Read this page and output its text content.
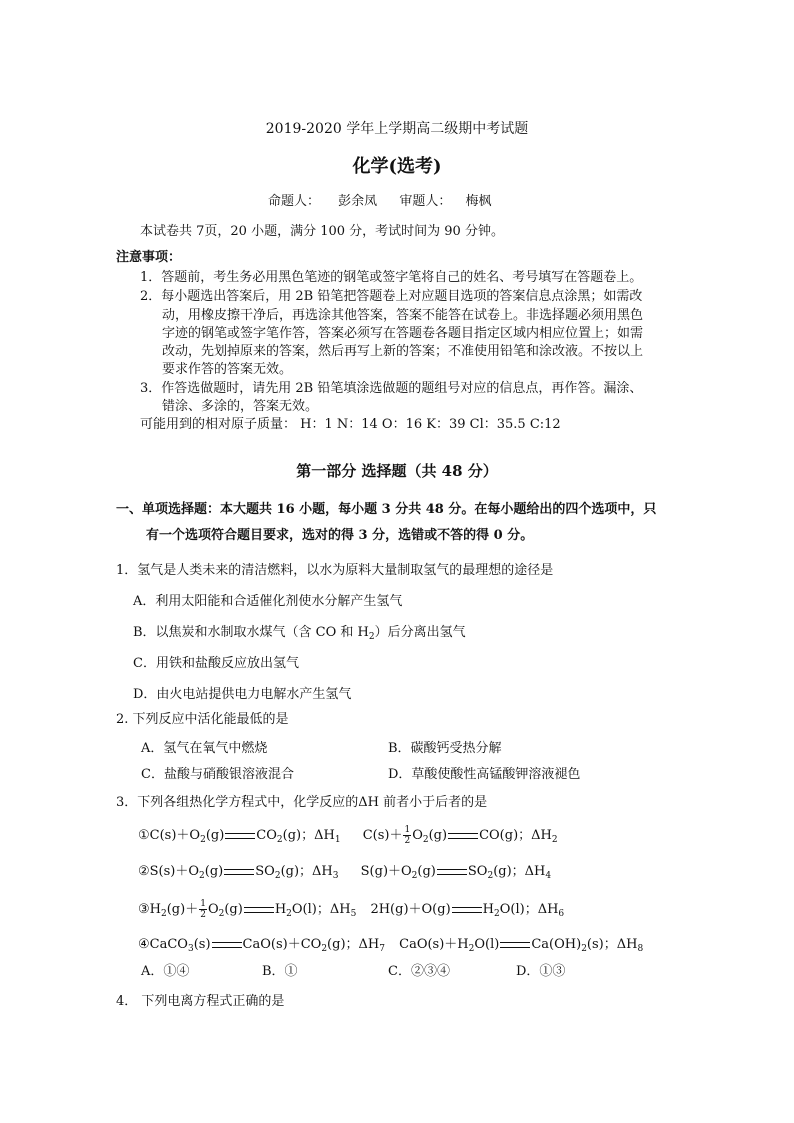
2019-2020 学年上学期高二级期中考试题
化学(选考)
命题人： 彭余凤 审题人： 梅枫
本试卷共 7页，20 小题，满分 100 分，考试时间为 90 分钟。
注意事项：
1．答题前，考生务必用黑色笔迹的钢笔或签字笔将自己的姓名、考号填写在答题卷上。
2．每小题选出答案后，用 2B 铅笔把答题卷上对应题目选项的答案信息点涂黑；如需改
动，用橡皮擦干净后，再选涂其他答案，答案不能答在试卷上。非选择题必须用黑色
字迹的钢笔或签字笔作答，答案必须写在答题卷各题目指定区域内相应位置上；如需
改动，先划掉原来的答案，然后再写上新的答案；不准使用铅笔和涂改液。不按以上
要求作答的答案无效。
3．作答选做题时，请先用 2B 铅笔填涂选做题的题组号对应的信息点，再作答。漏涂、
错涂、多涂的，答案无效。
可能用到的相对原子质量： H：1 N：14 O：16 K：39 Cl：35.5 C:12
第一部分 选择题（共 48 分）
一、单项选择题：本大题共 16 小题，每小题 3 分共 48 分。在每小题给出的四个选项中，只
有一个选项符合题目要求，选对的得 3 分，选错或不答的得 0 分。
1．氢气是人类未来的清洁燃料，以水为原料大量制取氢气的最理想的途径是
A．利用太阳能和合适催化剂使水分解产生氢气
B．以焦炭和水制取水煤气（含 CO 和 $H_2$）后分离出氢气
C．用铁和盐酸反应放出氢气
D．由火电站提供电力电解水产生氢气
2. 下列反应中活化能最低的是
A．氢气在氧气中燃烧	B．碳酸钙受热分解
C．盐酸与硝酸银溶液混合	D．草酸使酸性高锰酸钾溶液褪色
3．下列各组热化学方程式中，化学反应的ΔH 前者小于后者的是
$①C(s)+O_2(g)$ $CO_2(g)$；$\Delta H_1$ $C(s)+ \frac{1}{2} O_2(g)$ CO(g)；$\Delta H_2$
$②S(s)+O_2(g)$ $SO_2(g)$；$\Delta H_3$ $S(g)+O_2(g)$ $SO_2(g)$；$\Delta H_4$
$③H_2(g)+ \frac{1}{2} O_2(g)$ $H_2O(l)$；$\Delta H_5$ 2H(g)＋O(g) $H_2O(l)$；$\Delta H_6$
④CaCO$_3$(s) $CaO(s)+CO_2(g)$；$\Delta H_7$ $CaO(s)+H_2O(l)$ $Ca(OH)_2(s)$；$\Delta H_8$
A．①④	B．①	C．②③④	D．①③
4． 下列电离方程式正确的是
